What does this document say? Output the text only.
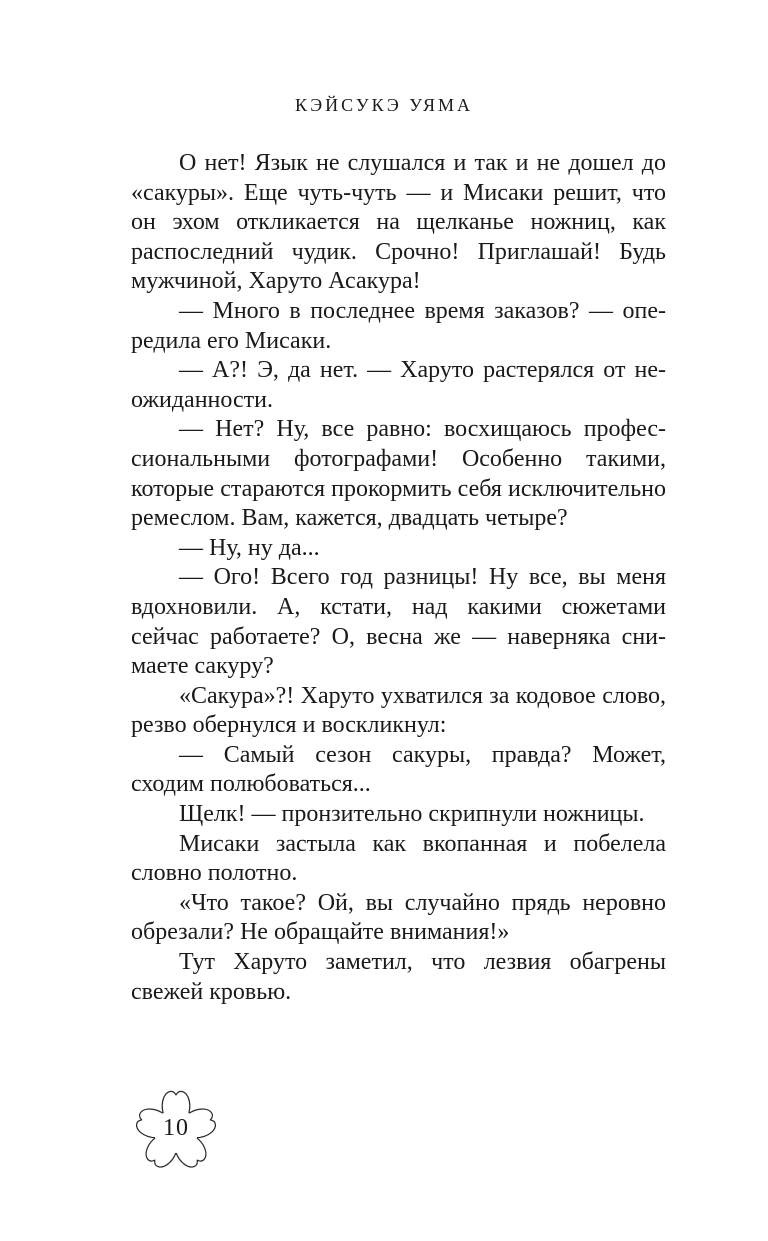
КЭЙСУКЭ УЯМА

О нет! Язык не слушался и так и не дошел до «сакуры». Еще чуть-чуть — и Мисаки решит, что он эхом откликается на щелканье ножниц, как распоследний чудик. Срочно! Приглашай! Будь мужчиной, Харуто Асакура!

— Много в последнее время заказов? — опередила его Мисаки.

— А?! Э, да нет. — Харуто растерялся от неожиданности.

— Нет? Ну, все равно: восхищаюсь профессиональными фотографами! Особенно такими, которые стараются прокормить себя исключительно ремеслом. Вам, кажется, двадцать четыре?

— Ну, ну да...

— Ого! Всего год разницы! Ну все, вы меня вдохновили. А, кстати, над какими сюжетами сейчас работаете? О, весна же — наверняка снимаете сакуру?

«Сакура»?! Харуто ухватился за кодовое слово, резво обернулся и воскликнул:

— Самый сезон сакуры, правда? Может, сходим полюбоваться...

Щелк! — пронзительно скрипнули ножницы.

Мисаки застыла как вкопанная и побелела словно полотно.

«Что такое? Ой, вы случайно прядь неровно обрезали? Не обращайте внимания!»

Тут Харуто заметил, что лезвия обагрены свежей кровью.

10
